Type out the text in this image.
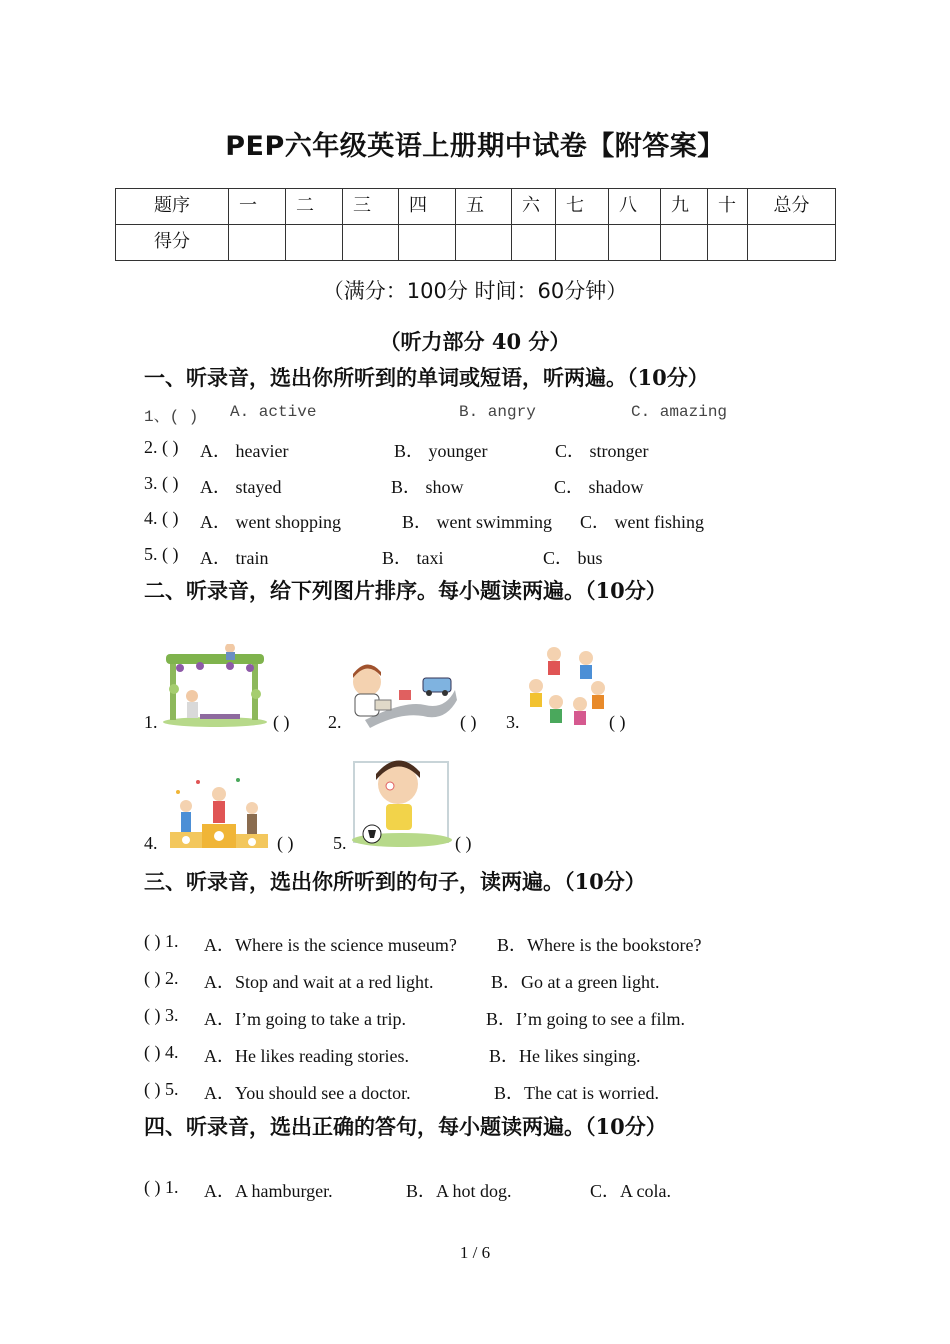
PEP六年级英语上册期中试卷【附答案】
题序	一	二	三	四	五	六	七	八	九	十	总分
得分											
（满分：100分 时间：60分钟）
（听力部分 40 分）
一、听录音，选出你所听到的单词或短语，听两遍。（10分）
1、( ) A. active	B. angry	C. amazing
2. ( ) A． heavier	B． younger	C． stronger
3. ( ) A． stayed	B． show	C． shadow
4. ( ) A． went shopping	B． went swimming C． went fishing
5. ( ) A． train	B． taxi	C． bus
二、听录音，给下列图片排序。每小题读两遍。（10分）
1.	( ) 2.	( ) 3.	( )
4.	( ) 5.	( )
三、听录音，选出你所听到的句子，读两遍。（10分）
( ) 1. A．Where is the science museum? B．Where is the bookstore?
( ) 2. A．Stop and wait at a red light.	B．Go at a green light.
( ) 3. A．I’m going to take a trip.	B．I’m going to see a film.
( ) 4. A．He likes reading stories.	B．He likes singing.
( ) 5. A．You should see a doctor.	B．The cat is worried.
四、听录音，选出正确的答句，每小题读两遍。（10分）
( ) 1. A．A hamburger.	B．A hot dog.	C．A cola.
1 / 6
